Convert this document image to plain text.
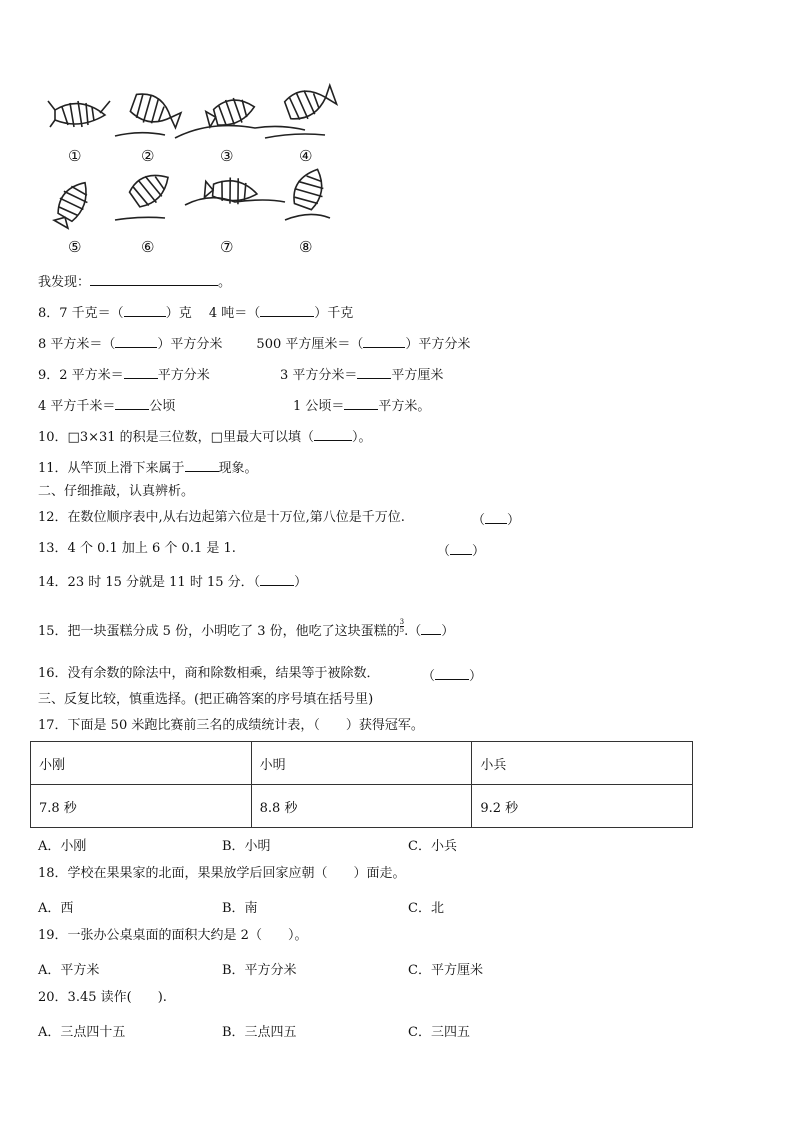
①	②	③	④
⑤	⑥	⑦	⑧
我发现：	。
8．7 千克＝（	）克　 4 吨＝（	）千克
8 平方米＝（	）平方分米	500 平方厘米＝（	）平方分米
9．2 平方米＝	平方分米	3 平方分米＝	平方厘米
4 平方千米＝	公顷	1 公顷＝	平方米。
10．□3×31 的积是三位数，□里最大可以填（	）。
11．从竿顶上滑下来属于	现象。
二、仔细推敲，认真辨析。
12．在数位顺序表中,从右边起第六位是十万位,第八位是千万位.	（ ）
13．4 个 0.1 加上 6 个 0.1 是 1.	（ ）
14．23 时 15 分就是 11 时 15 分．（	）
15．把一块蛋糕分成 5 份，小明吃了 3 份，他吃了这块蛋糕的 $\frac{3}{5}$ .（ ）
16．没有余数的除法中，商和除数相乘，结果等于被除数．	（	）
三、反复比较，慎重选择。(把正确答案的序号填在括号里)
17．下面是 50 米跑比赛前三名的成绩统计表，（　　）获得冠军。
小刚	小明	小兵
7.8 秒	8.8 秒	9.2 秒
A．小刚	B．小明	C．小兵
18．学校在果果家的北面，果果放学后回家应朝（　　）面走。
A．西	B．南	C．北
19．一张办公桌桌面的面积大约是 2（　　）。
A．平方米	B．平方分米	C．平方厘米
20．3.45 读作(　　).
A．三点四十五	B．三点四五	C．三四五
